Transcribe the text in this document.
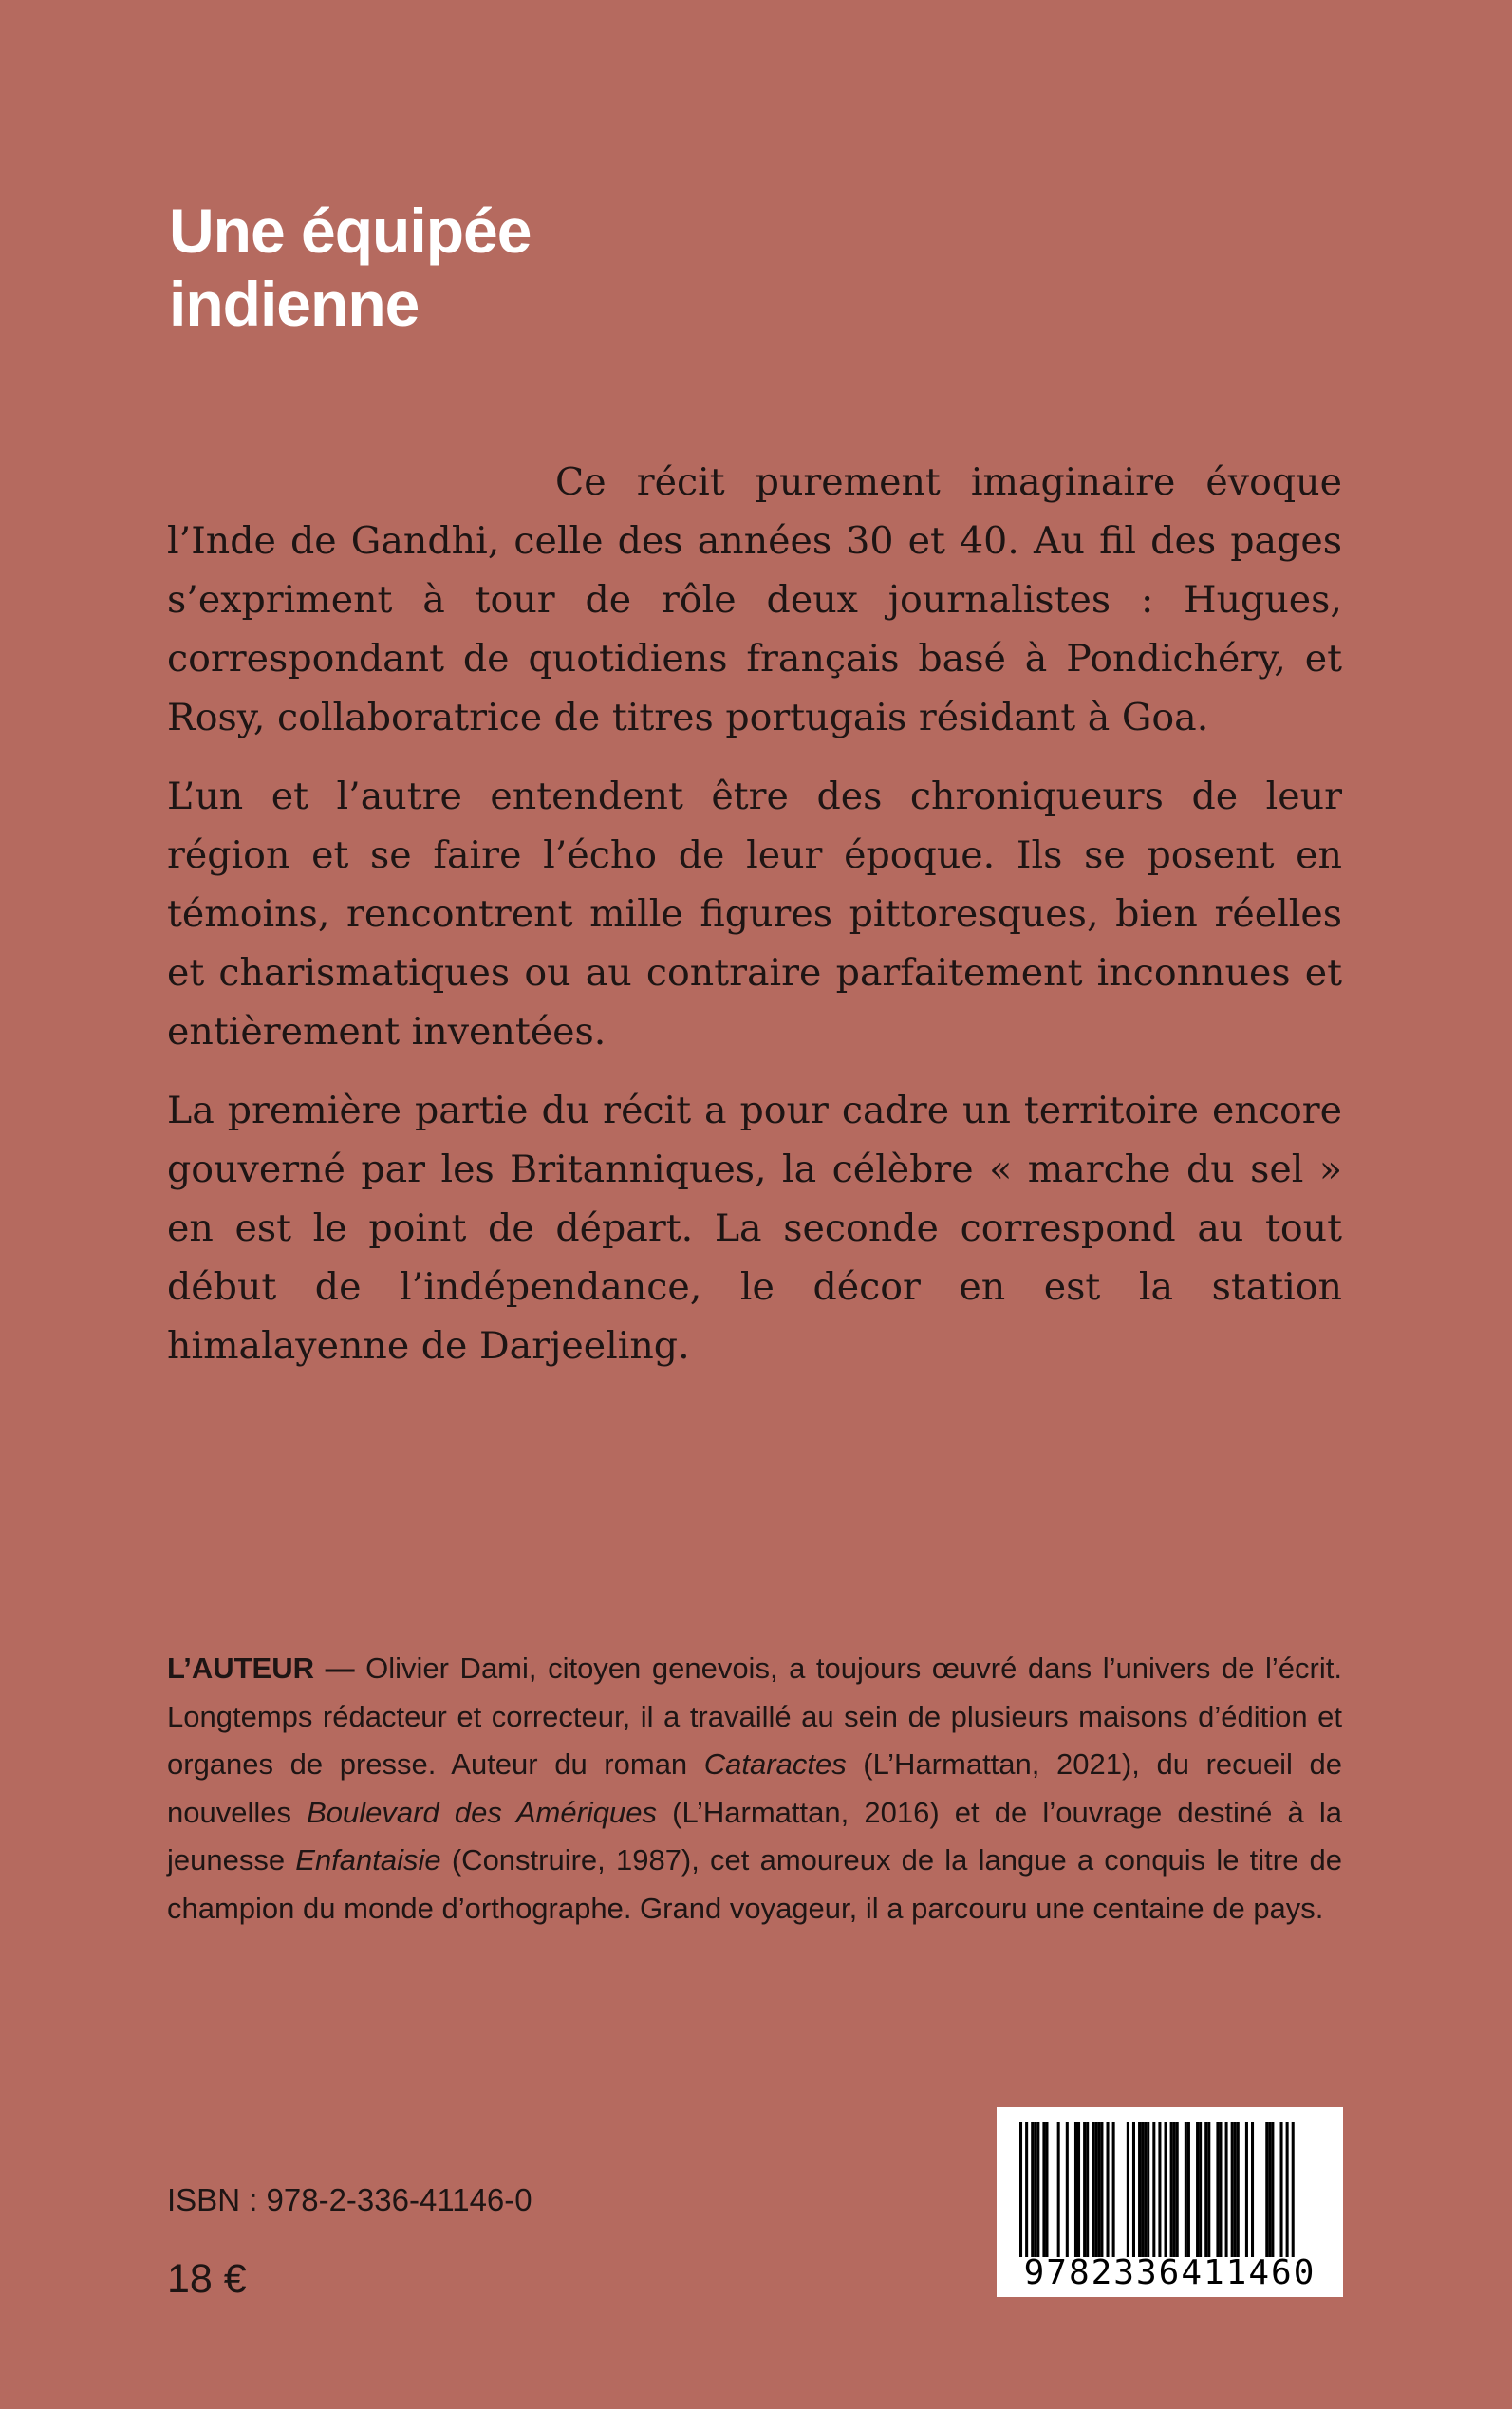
Une équipée
indienne

Ce récit purement imaginaire évoque l’Inde de Gandhi, celle des années 30 et 40. Au fil des pages s’expriment à tour de rôle deux journalistes : Hugues, correspondant de quotidiens français basé à Pondichéry, et Rosy, collaboratrice de titres portugais résidant à Goa.

L’un et l’autre entendent être des chroniqueurs de leur région et se faire l’écho de leur époque. Ils se posent en témoins, rencontrent mille figures pittoresques, bien réelles et charismatiques ou au contraire parfaitement inconnues et entièrement inventées.

La première partie du récit a pour cadre un territoire encore gouverné par les Britanniques, la célèbre « marche du sel » en est le point de départ. La seconde correspond au tout début de l’indépendance, le décor en est la station himalayenne de Darjeeling.

L’AUTEUR — Olivier Dami, citoyen genevois, a toujours œuvré dans l’univers de l’écrit. Longtemps rédacteur et correcteur, il a travaillé au sein de plusieurs maisons d’édition et organes de presse. Auteur du roman Cataractes (L’Harmattan, 2021), du recueil de nouvelles Boulevard des Amériques (L’Harmattan, 2016) et de l’ouvrage destiné à la jeunesse Enfantaisie (Construire, 1987), cet amoureux de la langue a conquis le titre de champion du monde d’orthographe. Grand voyageur, il a parcouru une centaine de pays.

ISBN : 978-2-336-41146-0
18 €	9782336411460
